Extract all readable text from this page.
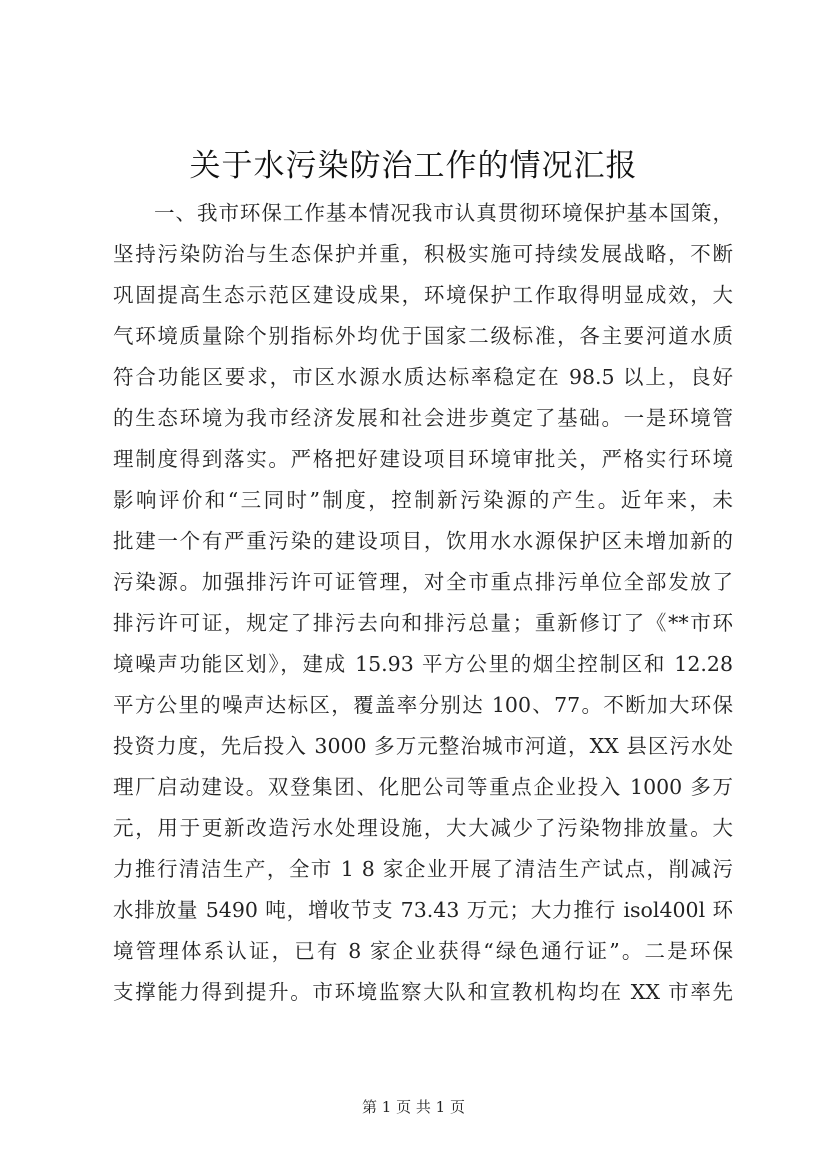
关于水污染防治工作的情况汇报
一、我市环保工作基本情况我市认真贯彻环境保护基本国策，
坚持污染防治与生态保护并重，积极实施可持续发展战略，不断
巩固提高生态示范区建设成果，环境保护工作取得明显成效，大
气环境质量除个别指标外均优于国家二级标准，各主要河道水质
符合功能区要求，市区水源水质达标率稳定在 98.5 以上，良好
的生态环境为我市经济发展和社会进步奠定了基础。一是环境管
理制度得到落实。严格把好建设项目环境审批关，严格实行环境
影响评价和“三同时”制度，控制新污染源的产生。近年来，未
批建一个有严重污染的建设项目，饮用水水源保护区未增加新的
污染源。加强排污许可证管理，对全市重点排污单位全部发放了
排污许可证，规定了排污去向和排污总量；重新修订了《**市环
境噪声功能区划》，建成 15.93 平方公里的烟尘控制区和 12.28
平方公里的噪声达标区，覆盖率分别达 100、77。不断加大环保
投资力度，先后投入 3000 多万元整治城市河道，XX 县区污水处
理厂启动建设。双登集团、化肥公司等重点企业投入 1000 多万
元，用于更新改造污水处理设施，大大减少了污染物排放量。大
力推行清洁生产，全市 1 8 家企业开展了清洁生产试点，削减污
水排放量 5490 吨，增收节支 73.43 万元；大力推行 isol400l 环
境管理体系认证，已有 8 家企业获得“绿色通行证”。二是环保
支撑能力得到提升。市环境监察大队和宣教机构均在 XX 市率先
第 1 页 共 1 页
